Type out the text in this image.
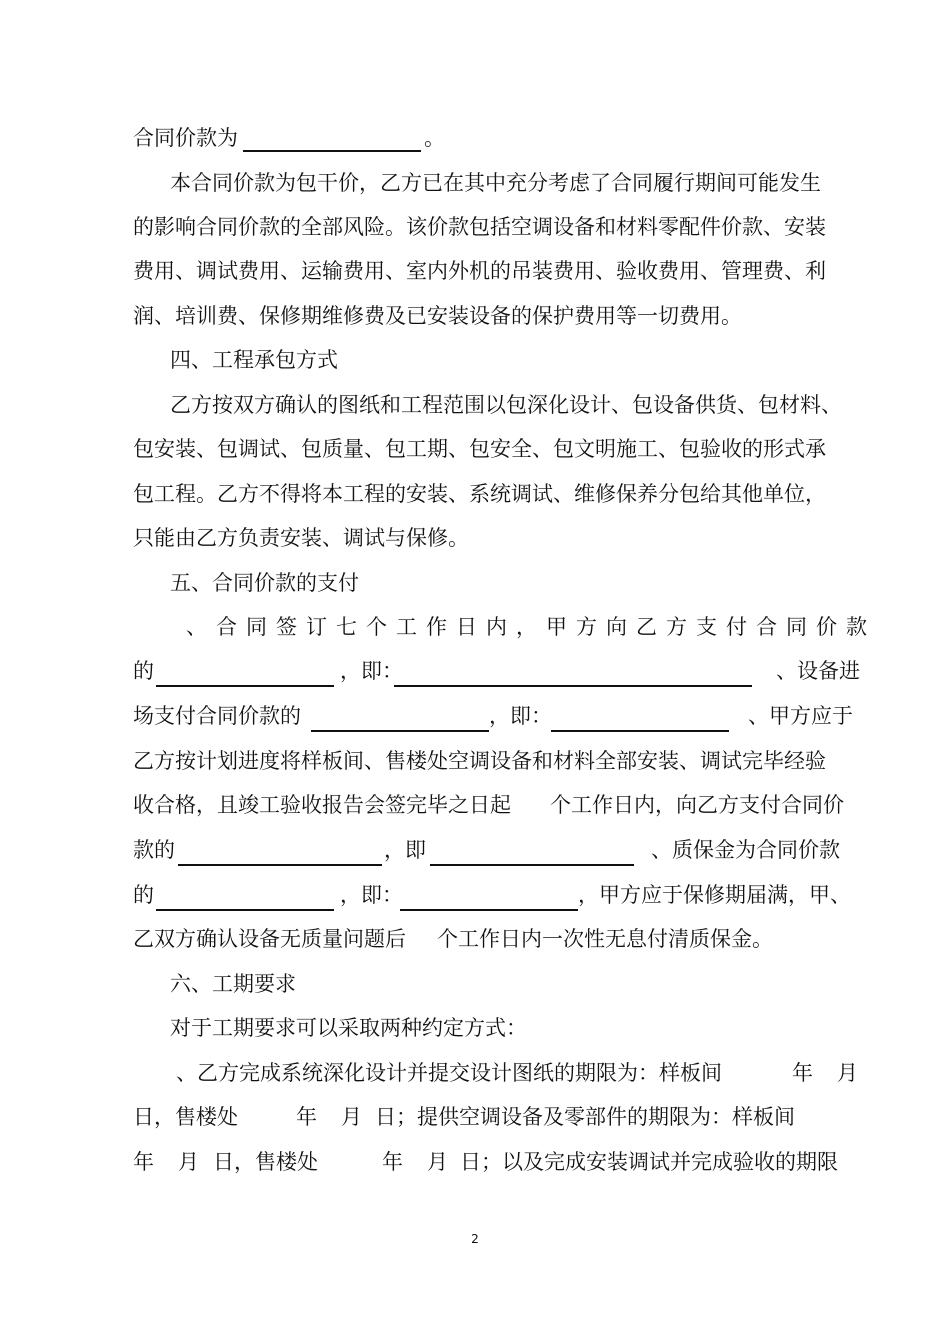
合同价款为	。
本合同价款为包干价，乙方已在其中充分考虑了合同履行期间可能发生
的影响合同价款的全部风险。该价款包括空调设备和材料零配件价款、安装
费用、调试费用、运输费用、室内外机的吊装费用、验收费用、管理费、利
润、培训费、保修期维修费及已安装设备的保护费用等一切费用。
四、工程承包方式
乙方按双方确认的图纸和工程范围以包深化设计、包设备供货、包材料、
包安装、包调试、包质量、包工期、包安全、包文明施工、包验收的形式承
包工程。乙方不得将本工程的安装、系统调试、维修保养分包给其他单位，
只能由乙方负责安装、调试与保修。
五、合同价款的支付
、合同签订七个工作日内，甲方向乙方支付合同价款
的	，即：	、设备进
场支付合同价款的	，即：	、甲方应于
乙方按计划进度将样板间、售楼处空调设备和材料全部安装、调试完毕经验
收合格，且竣工验收报告会签完毕之日起 个工作日内，向乙方支付合同价
款的	，即	、质保金为合同价款
的	，即：	，甲方应于保修期届满，甲、
乙双方确认设备无质量问题后 个工作日内一次性无息付清质保金。
六、工期要求
对于工期要求可以采取两种约定方式：
、乙方完成系统深化设计并提交设计图纸的期限为：样板间	年 月
日，售楼处	年 月 日；提供空调设备及零部件的期限为：样板间
年 月 日，售楼处	年 月 日；以及完成安装调试并完成验收的期限
2
